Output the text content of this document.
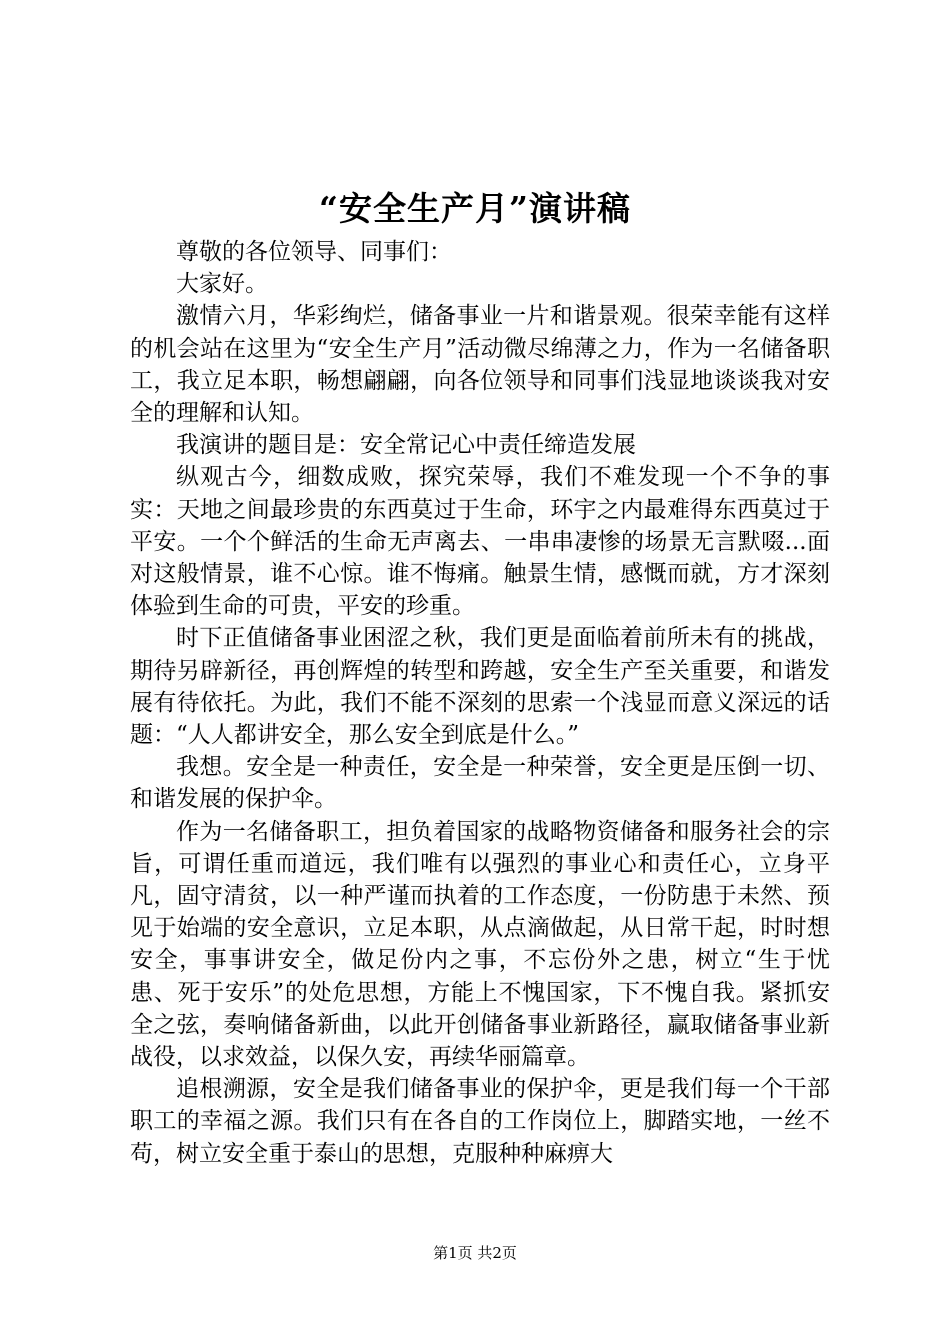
“安全生产月”演讲稿

尊敬的各位领导、同事们：

大家好。

激情六月，华彩绚烂，储备事业一片和谐景观。很荣幸能有这样的机会站在这里为“安全生产月”活动微尽绵薄之力，作为一名储备职工，我立足本职，畅想翩翩，向各位领导和同事们浅显地谈谈我对安全的理解和认知。

我演讲的题目是：安全常记心中责任缔造发展

纵观古今，细数成败，探究荣辱，我们不难发现一个不争的事实：天地之间最珍贵的东西莫过于生命，环宇之内最难得东西莫过于平安。一个个鲜活的生命无声离去、一串串凄惨的场景无言默啜...面对这般情景，谁不心惊。谁不悔痛。触景生情，感慨而就，方才深刻体验到生命的可贵，平安的珍重。

时下正值储备事业困涩之秋，我们更是面临着前所未有的挑战，期待另辟新径，再创辉煌的转型和跨越，安全生产至关重要，和谐发展有待依托。为此，我们不能不深刻的思索一个浅显而意义深远的话题：“人人都讲安全，那么安全到底是什么。”

我想。安全是一种责任，安全是一种荣誉，安全更是压倒一切、和谐发展的保护伞。

作为一名储备职工，担负着国家的战略物资储备和服务社会的宗旨，可谓任重而道远，我们唯有以强烈的事业心和责任心，立身平凡，固守清贫，以一种严谨而执着的工作态度，一份防患于未然、预见于始端的安全意识，立足本职，从点滴做起，从日常干起，时时想安全，事事讲安全，做足份内之事，不忘份外之患，树立“生于忧患、死于安乐”的处危思想，方能上不愧国家，下不愧自我。紧抓安全之弦，奏响储备新曲，以此开创储备事业新路径，赢取储备事业新战役，以求效益，以保久安，再续华丽篇章。

追根溯源，安全是我们储备事业的保护伞，更是我们每一个干部职工的幸福之源。我们只有在各自的工作岗位上，脚踏实地，一丝不苟，树立安全重于泰山的思想，克服种种麻痹大

第1页 共2页
